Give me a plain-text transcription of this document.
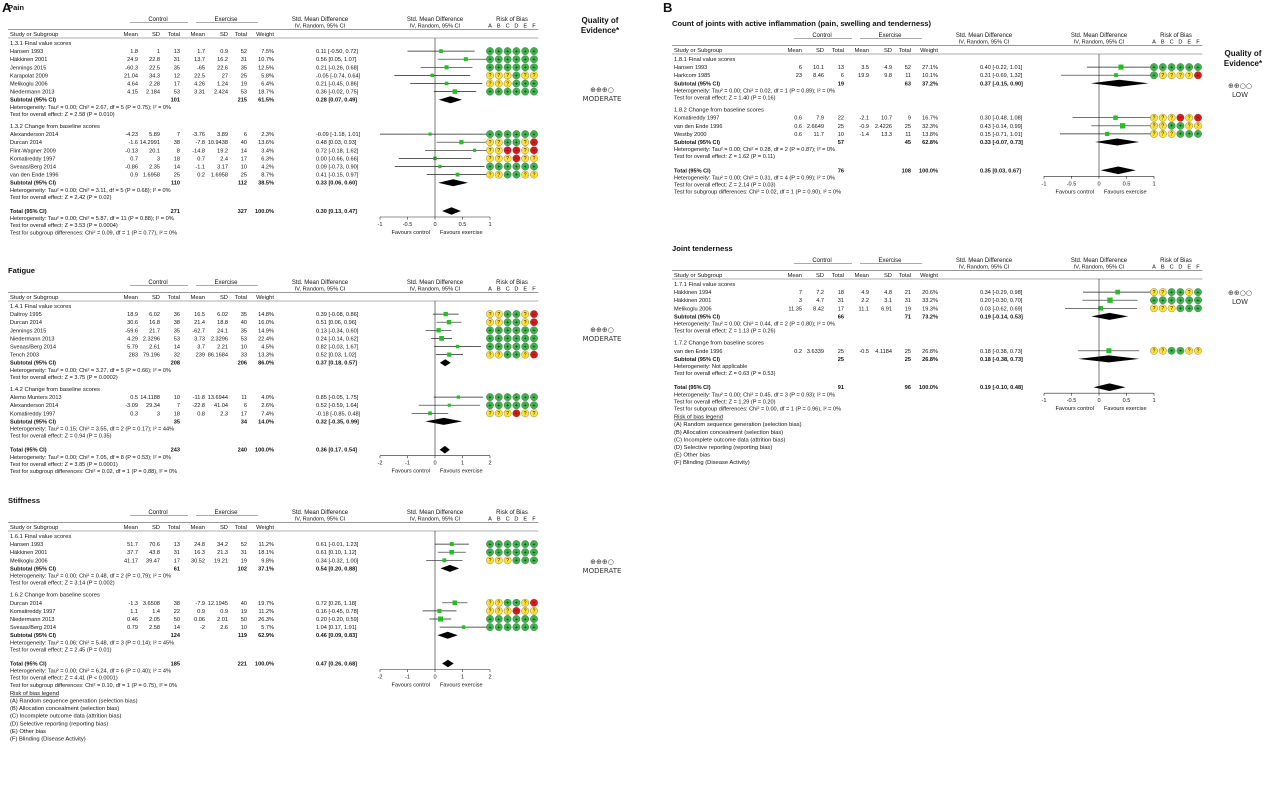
A
Quality of Evidence*
B
Quality of Evidence*
Pain
Control	Exercise	Std. Mean Difference	Std. Mean Difference	Risk of Bias
IV, Random, 95% CI	IV, Random, 95% CI	A B C D E F
Study or Subgroup	Mean SD Total Mean	SD Total Weight
1.3.1 Final value scores
Hansen 1993	1.8	1 13	1.7	0.9 52	7.5%	0.11 [-0.50, 0.72]	+ + + + + +
Häkkinen 2001	24.9 22.8 31	13.7 16.2 31 10.7%	0.56 [0.05, 1.07]	+ + + + + +
Jennings 2015	-60.3 22.5 35	-65 22.6 35 12.5%	0.21 [-0.26, 0.68]	+ + + + + +
Karapolat 2009	21.04 34.3 12	22.5	27 25	5.8%	-0.05 [-0.74, 0.64]	? ? ? + ? ?
Melikoglu 2006	4.64 2.28 17	4.26 1.24 19	6.4%	0.21 [-0.45, 0.86]	? ? ? + + +
Niedermann 2013	4.15 2.184 53	3.31 2.424 53 18.7%	0.36 [-0.02, 0.75]	+ + + + + +
Subtotal (95% CI)	101	215 61.5%	0.28 [0.07, 0.49]
Heterogeneity: Tau² = 0.00; Chi² = 2.67, df = 5 (P = 0.75); I² = 0%
Test for overall effect: Z = 2.58 (P = 0.010)
1.3.2 Change from baseline scores
Alexanderson 2014	-4.23 5.89	7 -3.76 3.89	6	2.3%	-0.09 [-1.18, 1.01]	+ + + + + +
Durcan 2014	-1.6 14.2991 38	-7.8 10.9438 40 13.6%	0.48 [0.03, 0.93]	? ? + + ? −
Flint-Wagner 2009	-0.13 20.1	8 -14.8 19.2 14	3.4%	0.72 [-0.18, 1.62]	? ? − − ? −
Komatireddy 1997	0.7	3 18	0.7	2.4 17	6.3%	0.00 [-0.66, 0.66]	? ? ? − ? ?
Sveaas/Berg 2014	-0.86 2.35 14	-1.1 3.17 10	4.2%	0.09 [-0.73, 0.90]	+ + + + + +
van den Ende 1996	0.9 1.6958 25	0.2 1.6958 25	8.7%	0.41 [-0.15, 0.97]	? ? + + ? ?
Subtotal (95% CI)	110	112 38.5%	0.33 [0.06, 0.60]
Heterogeneity: Tau² = 0.00; Chi² = 3.11, df = 5 (P = 0.68); I² = 0%
Test for overall effect: Z = 2.42 (P = 0.02)
Total (95% CI)	271	327 100.0%	0.30 [0.13, 0.47]
Heterogeneity: Tau² = 0.00; Chi² = 5.87, df = 11 (P = 0.88); I² = 0%
Test for overall effect: Z = 3.53 (P = 0.0004)
Test for subgroup differences: Chi² = 0.09, df = 1 (P = 0.77), I² = 0%
-1	-0.5	0	0.5	1
Favours control Favours exercise
⊕⊕⊕○ MODERATE
Fatigue
Control	Exercise	Std. Mean Difference	Std. Mean Difference	Risk of Bias
IV, Random, 95% CI	IV, Random, 95% CI	A B C D E F
Study or Subgroup	Mean SD Total Mean	SD Total Weight
1.4.1 Final value scores
Daltroy 1995	18.9 6.02 36	16.5 6.02 35 14.8%	0.39 [-0.08, 0.86]	? ? + + ? −
Durcan 2014	30.6 16.8 38	21.4 18.8 40 16.0%	0.51 [0.06, 0.96]	? ? + + ? −
Jennings 2015	-59.6 21.7 35 -62.7 24.1 35 14.9%	0.13 [-0.34, 0.60]	+ + + + + +
Niedermann 2013	4.29 2.3296 53	3.73 2.3296 53 22.4%	0.24 [-0.14, 0.62]	+ + + + + +
Sveaas/Berg 2014	5.79 2.61 14	3.7 2.21 10	4.5%	0.82 [-0.03, 1.67]	+ + + + + +
Tench 2003	283 79.196 32	239 86.1684 33 13.3%	0.52 [0.03, 1.02]	? ? + + ? −
Subtotal (95% CI)	208	206 86.0%	0.37 [0.18, 0.57]
Heterogeneity: Tau² = 0.00; Chi² = 3.27, df = 5 (P = 0.66); I² = 0%
Test for overall effect: Z = 3.75 (P = 0.0002)
1.4.2 Change from baseline scores
Alemo Munters 2013	0.5 14.1188 10 -11.8 13.6944 11	4.0%	0.85 [-0.05, 1.75]	+ + + + + +
Alexanderson 2014	-3.09 29.34	7 -22.8 41.04	6	2.6%	0.52 [-0.59, 1.64]	+ + + + + +
Komatireddy 1997	0.3	3 18	0.8	2.3 17	7.4%	-0.18 [-0.85, 0.48]	? ? ? − ? ?
Subtotal (95% CI)	35	34 14.0%	0.32 [-0.35, 0.99]
Heterogeneity: Tau² = 0.15; Chi² = 3.55, df = 2 (P = 0.17); I² = 44%
Test for overall effect: Z = 0.94 (P = 0.35)
Total (95% CI)	243	240 100.0%	0.36 [0.17, 0.54]
Heterogeneity: Tau² = 0.00; Chi² = 7.05, df = 8 (P = 0.53); I² = 0%
Test for overall effect: Z = 3.85 (P = 0.0001)
Test for subgroup differences: Chi² = 0.02, df = 1 (P = 0.88), I² = 0%
-2	-1	0	1	2
Favours control Favours exercise
⊕⊕⊕○ MODERATE
Stiffness
Control	Exercise	Std. Mean Difference	Std. Mean Difference	Risk of Bias
IV, Random, 95% CI	IV, Random, 95% CI	A B C D E F
Study or Subgroup	Mean SD Total Mean	SD Total Weight
1.6.1 Final value scores
Hansen 1993	51.7 70.6 13	24.8 34.2 52 11.2%	0.61 [-0.01, 1.23]	+ + + + + +
Häkkinen 2001	37.7 43.8 31	16.3 21.3 31 18.1%	0.61 [0.10, 1.12]	+ + + + + +
Melikoglu 2006	41.17 39.47 17 30.52 19.21 19	9.8%	0.34 [-0.32, 1.00]	? ? ? + + +
Subtotal (95% CI)	61	102 37.1%	0.54 [0.20, 0.88]
Heterogeneity: Tau² = 0.00; Chi² = 0.48, df = 2 (P = 0.79); I² = 0%
Test for overall effect: Z = 3.14 (P = 0.002)
1.6.2 Change from baseline scores
Durcan 2014	-1.3 3.6508 38	-7.9 12.1945 40 19.7%	0.72 [0.26, 1.18]	? ? + + ? −
Komatireddy 1997	1.1	1.4 22	0.9	0.9 19 11.2%	0.16 [-0.45, 0.78]	? ? ? − ? ?
Niedermann 2013	0.46 2.05 50	0.06 2.01 50 26.3%	0.20 [-0.20, 0.59]	+ + + + + +
Sveaas/Berg 2014	0.79 2.58 14	-2	2.6 10	5.7%	1.04 [0.17, 1.91]	+ + + + + +
Subtotal (95% CI)	124	119 62.9%	0.46 [0.09, 0.83]
Heterogeneity: Tau² = 0.06; Chi² = 5.48, df = 3 (P = 0.14); I² = 45%
Test for overall effect: Z = 2.45 (P = 0.01)
Total (95% CI)	185	221 100.0%	0.47 [0.26, 0.68]
Heterogeneity: Tau² = 0.00; Chi² = 6.24, df = 6 (P = 0.40); I² = 4%
Test for overall effect: Z = 4.41 (P < 0.0001)
Test for subgroup differences: Chi² = 0.10, df = 1 (P = 0.75), I² = 0%
-2	-1	0	1	2
Favours control Favours exercise
⊕⊕⊕○ MODERATE
Count of joints with active inflammation (pain, swelling and tenderness)
Control	Exercise	Std. Mean Difference	Std. Mean Difference	Risk of Bias
IV, Random, 95% CI	IV, Random, 95% CI	A B C D E F
Study or Subgroup	Mean SD Total Mean	SD Total Weight
1.8.1 Final value scores
Hansen 1993	6 10.1 13	3.5	4.9 52 27.1%	0.40 [-0.22, 1.01]	+ + + + + +
Harkcom 1985	23 8.46	6	19.9	9.8 11 10.1%	0.31 [-0.69, 1.32]	+ ? ? ? ? −
Subtotal (95% CI)	19	63 37.2%	0.37 [-0.15, 0.90]
Heterogeneity: Tau² = 0.00; Chi² = 0.02, df = 1 (P = 0.89); I² = 0%
Test for overall effect: Z = 1.40 (P = 0.16)
1.8.2 Change from baseline scores
Komatireddy 1997	0.6	7.9 22	-2.1 10.7	9 16.7%	0.30 [-0.48, 1.08]	? ? ? − ? −
van den Ende 1996	0.6 2.6649 25	-0.9 2.4226 25 32.3%	0.43 [-0.14, 0.99]	? ? + + ? ?
Westby 2000	0.6 11.7 10	-1.4 13.3 11 13.8%	0.15 [-0.71, 1.01]	? ? ? + + +
Subtotal (95% CI)	57	45 62.8%	0.33 [-0.07, 0.73]
Heterogeneity: Tau² = 0.00; Chi² = 0.28, df = 2 (P = 0.87); I² = 0%
Test for overall effect: Z = 1.62 (P = 0.11)
Total (95% CI)	76	108 100.0%	0.35 [0.03, 0.67]
Heterogeneity: Tau² = 0.00; Chi² = 0.31, df = 4 (P = 0.99); I² = 0%
Test for overall effect: Z = 2.14 (P = 0.03)
Test for subgroup differences: Chi² = 0.02, df = 1 (P = 0.90), I² = 0%
-1	-0.5	0	0.5	1
Favours control Favours exercise
⊕⊕○○ LOW
Joint tenderness
Control	Exercise	Std. Mean Difference	Std. Mean Difference	Risk of Bias
IV, Random, 95% CI	IV, Random, 95% CI	A B C D E F
Study or Subgroup	Mean SD Total Mean	SD Total Weight
1.7.1 Final value scores
Häkkinen 1994	7	7.2 18	4.9	4.8 21 20.6%	0.34 [-0.29, 0.98]	? ? + + ? +
Häkkinen 2001	3	4.7 31	2.2	3.1 31 33.2%	0.20 [-0.30, 0.70]	+ + + + + +
Melikoglu 2006	11.35 8.42 17	11.1 6.91 19 19.3%	0.03 [-0.62, 0.69]	? ? ? + + +
Subtotal (95% CI)	66	71 73.2%	0.19 [-0.14, 0.53]
Heterogeneity: Tau² = 0.00; Chi² = 0.44, df = 2 (P = 0.80); I² = 0%
Test for overall effect: Z = 1.13 (P = 0.26)
1.7.2 Change from baseline scores
van den Ende 1996	0.2 3.6339 25	-0.5 4.1184 25 26.8%	0.18 [-0.38, 0.73]	? ? + + ? ?
Subtotal (95% CI)	25	25 26.8%	0.18 [-0.38, 0.73]
Heterogeneity: Not applicable
Test for overall effect: Z = 0.63 (P = 0.53)
Total (95% CI)	91	96 100.0%	0.19 [-0.10, 0.48]
Heterogeneity: Tau² = 0.00; Chi² = 0.45, df = 3 (P = 0.93); I² = 0%
Test for overall effect: Z = 1.29 (P = 0.20)
Test for subgroup differences: Chi² = 0.00, df = 1 (P = 0.96), I² = 0%
-1	-0.5	0	0.5	1
Favours control Favours exercise
⊕⊕○○ LOW
Risk of bias legend
(A) Random sequence generation (selection bias)
(B) Allocation concealment (selection bias)
(C) Incomplete outcome data (attrition bias)
(D) Selective reporting (reporting bias)
(E) Other bias
(F) Blinding (Disease Activity)
Risk of bias legend
(A) Random sequence generation (selection bias)
(B) Allocation concealment (selection bias)
(C) Incomplete outcome data (attrition bias)
(D) Selective reporting (reporting bias)
(E) Other bias
(F) Blinding (Disease Activity)
